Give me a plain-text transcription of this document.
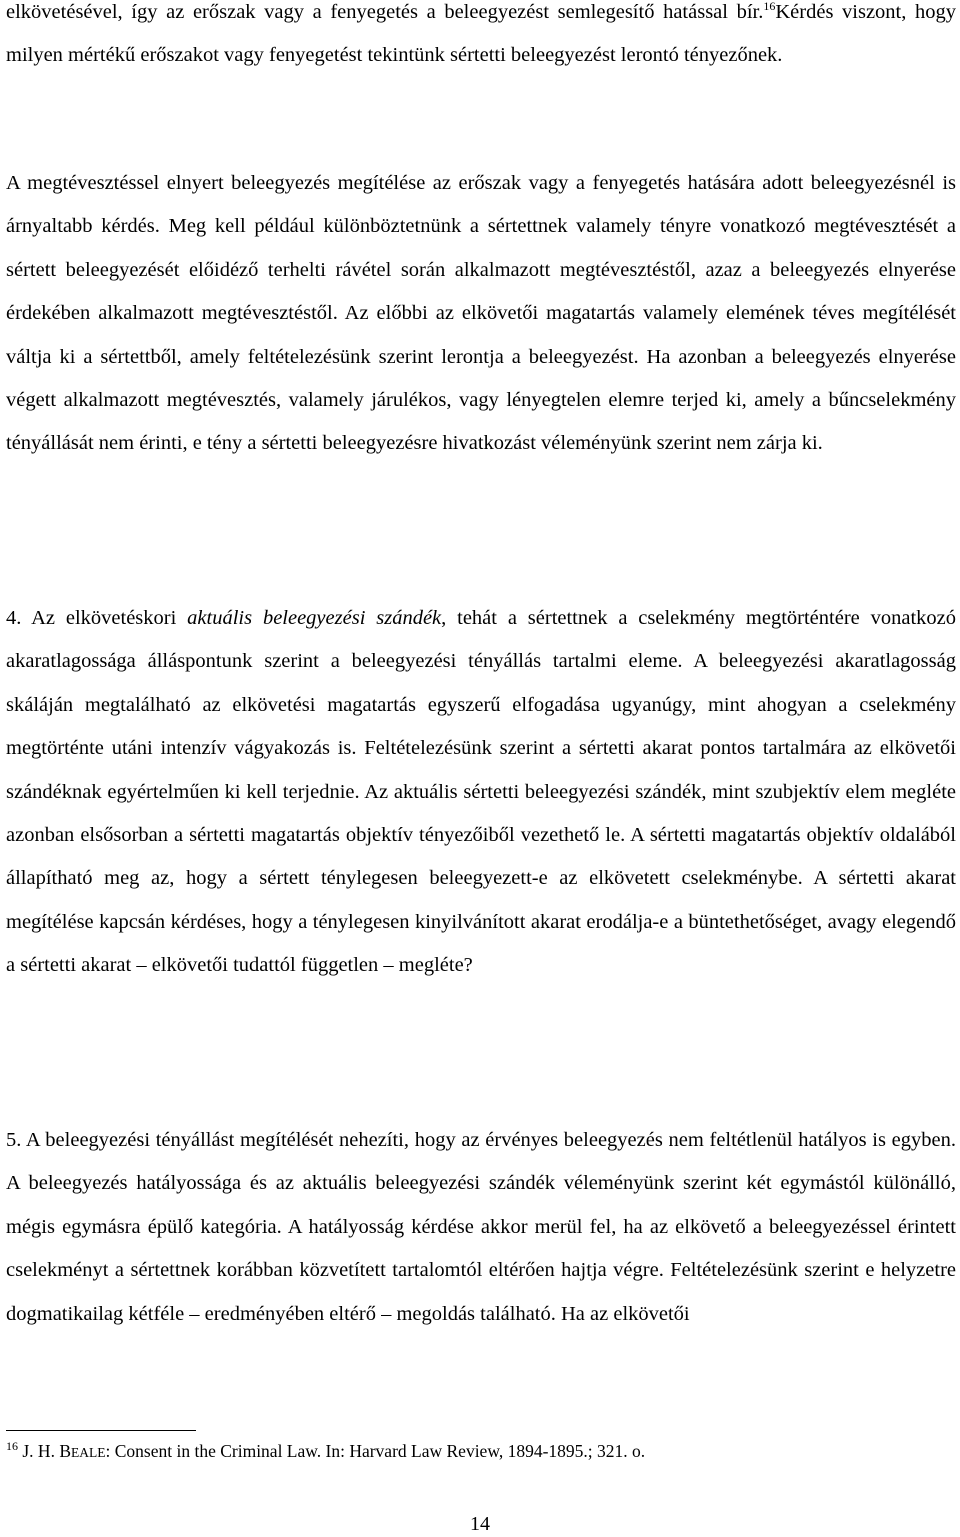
elkövetésével, így az erőszak vagy a fenyegetés a beleegyezést semlegesítő hatással bír.$^{16}$Kérdés viszont, hogy milyen mértékű erőszakot vagy fenyegetést tekintünk sértetti beleegyezést lerontó tényezőnek.

A megtévesztéssel elnyert beleegyezés megítélése az erőszak vagy a fenyegetés hatására adott beleegyezésnél is árnyaltabb kérdés. Meg kell például különböztetnünk a sértettnek valamely tényre vonatkozó megtévesztését a sértett beleegyezését előidéző terhelti rávétel során alkalmazott megtévesztéstől, azaz a beleegyezés elnyerése érdekében alkalmazott megtévesztéstől. Az előbbi az elkövetői magatartás valamely elemének téves megítélését váltja ki a sértettből, amely feltételezésünk szerint lerontja a beleegyezést. Ha azonban a beleegyezés elnyerése végett alkalmazott megtévesztés, valamely járulékos, vagy lényegtelen elemre terjed ki, amely a bűncselekmény tényállását nem érinti, e tény a sértetti beleegyezésre hivatkozást véleményünk szerint nem zárja ki.

4. Az elkövetéskori aktuális beleegyezési szándék, tehát a sértettnek a cselekmény megtörténtére vonatkozó akaratlagossága álláspontunk szerint a beleegyezési tényállás tartalmi eleme. A beleegyezési akaratlagosság skáláján megtalálható az elkövetési magatartás egyszerű elfogadása ugyanúgy, mint ahogyan a cselekmény megtörténte utáni intenzív vágyakozás is. Feltételezésünk szerint a sértetti akarat pontos tartalmára az elkövetői szándéknak egyértelműen ki kell terjednie. Az aktuális sértetti beleegyezési szándék, mint szubjektív elem megléte azonban elsősorban a sértetti magatartás objektív tényezőiből vezethető le. A sértetti magatartás objektív oldalából állapítható meg az, hogy a sértett ténylegesen beleegyezett-e az elkövetett cselekménybe. A sértetti akarat megítélése kapcsán kérdéses, hogy a ténylegesen kinyilvánított akarat erodálja-e a büntethetőséget, avagy elegendő a sértetti akarat – elkövetői tudattól független – megléte?

5. A beleegyezési tényállást megítélését nehezíti, hogy az érvényes beleegyezés nem feltétlenül hatályos is egyben. A beleegyezés hatályossága és az aktuális beleegyezési szándék véleményünk szerint két egymástól különálló, mégis egymásra épülő kategória. A hatályosság kérdése akkor merül fel, ha az elkövető a beleegyezéssel érintett cselekményt a sértettnek korábban közvetített tartalomtól eltérően hajtja végre. Feltételezésünk szerint e helyzetre dogmatikailag kétféle – eredményében eltérő – megoldás található. Ha az elkövetői

$^{16}$ J. H. BEALE: Consent in the Criminal Law. In: Harvard Law Review, 1894-1895.; 321. o.
14
